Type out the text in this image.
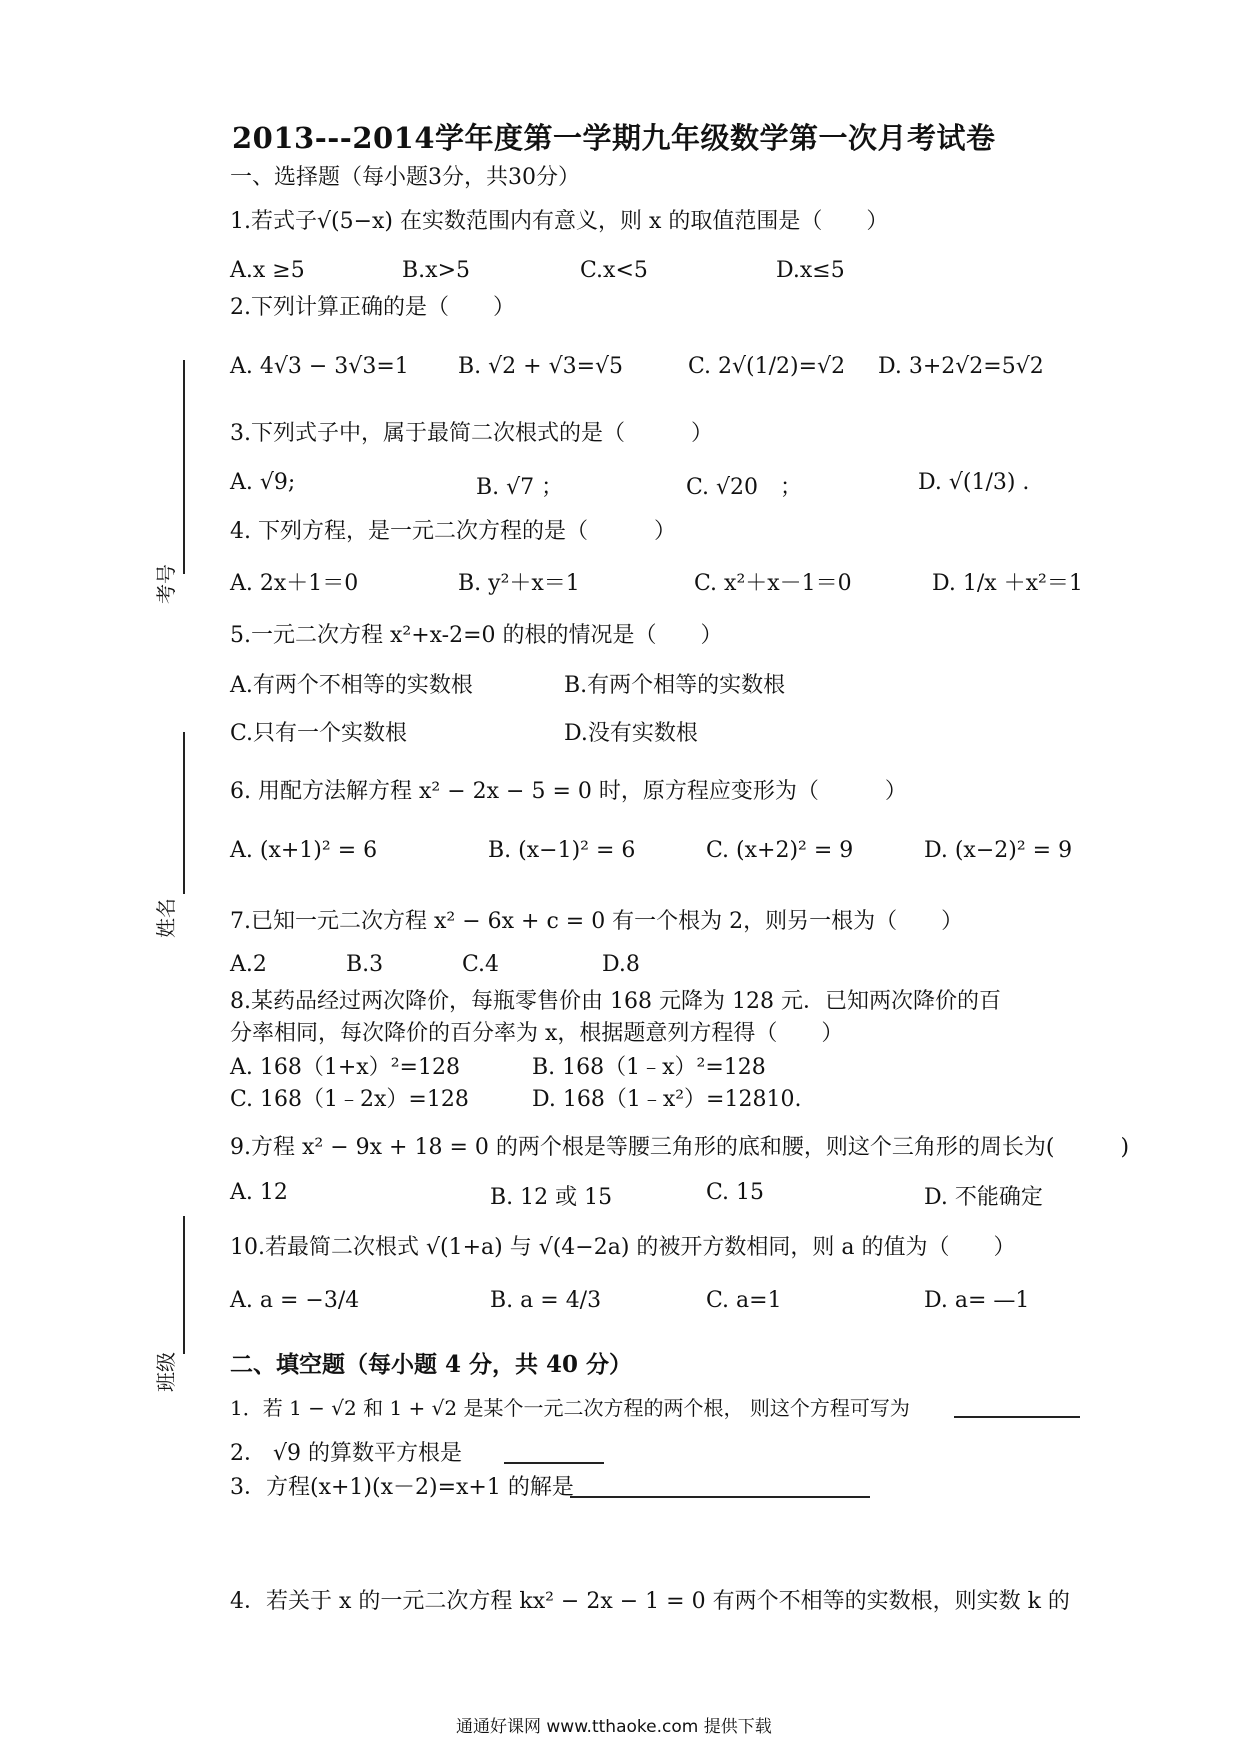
2013---2014学年度第一学期九年级数学第一次月考试卷
一、选择题（每小题3分，共30分）
1.若式子√(5−x) 在实数范围内有意义，则 x 的取值范围是（　　）
A.x ≥5	B.x>5	C.x<5	D.x≤5
2.下列计算正确的是（　　）
A. 4√3 − 3√3=1 B. √2 + √3=√5	C. 2√(1/2)=√2 D. 3+2√2=5√2
3.下列式子中，属于最简二次根式的是（　　　）
A. √9;	B. √7 ；	C. √20　；	D. √(1/3) .
4. 下列方程，是一元二次方程的是（　　　）
A. 2x＋1＝0	B. y²＋x＝1	C. x²＋x－1＝0	D. 1/x ＋x²＝1
5.一元二次方程 x²+x-2=0 的根的情况是（　　）
A.有两个不相等的实数根	B.有两个相等的实数根
C.只有一个实数根	D.没有实数根
6. 用配方法解方程 x² − 2x − 5 = 0 时，原方程应变形为（　　　）
A. (x+1)² = 6	B. (x−1)² = 6	C. (x+2)² = 9	D. (x−2)² = 9
7.已知一元二次方程 x² − 6x + c = 0 有一个根为 2，则另一根为（　　）
A.2	B.3	C.4	D.8
8.某药品经过两次降价，每瓶零售价由 168 元降为 128 元．已知两次降价的百
分率相同，每次降价的百分率为 x，根据题意列方程得（　　）
A. 168（1+x）²=128	B. 168（1﹣x）²=128
C. 168（1﹣2x）=128	D. 168（1﹣x²）=12810.
9.方程 x² − 9x + 18 = 0 的两个根是等腰三角形的底和腰，则这个三角形的周长为(　　　)
A. 12	B. 12 或 15	C. 15	D. 不能确定
10.若最简二次根式 √(1+a) 与 √(4−2a) 的被开方数相同，则 a 的值为（　　）
A. a = −3/4	B. a = 4/3	C. a=1	D. a= —1
二、填空题（每小题 4 分，共 40 分）
1．若 1 − √2 和 1 + √2 是某个一元二次方程的两个根， 则这个方程可写为
2． √9 的算数平方根是
3．方程(x+1)(x－2)=x+1 的解是
4．若关于 x 的一元二次方程 kx² − 2x − 1 = 0 有两个不相等的实数根，则实数 k 的
考号
姓名
班级
通通好课网 www.tthaoke.com 提供下载
